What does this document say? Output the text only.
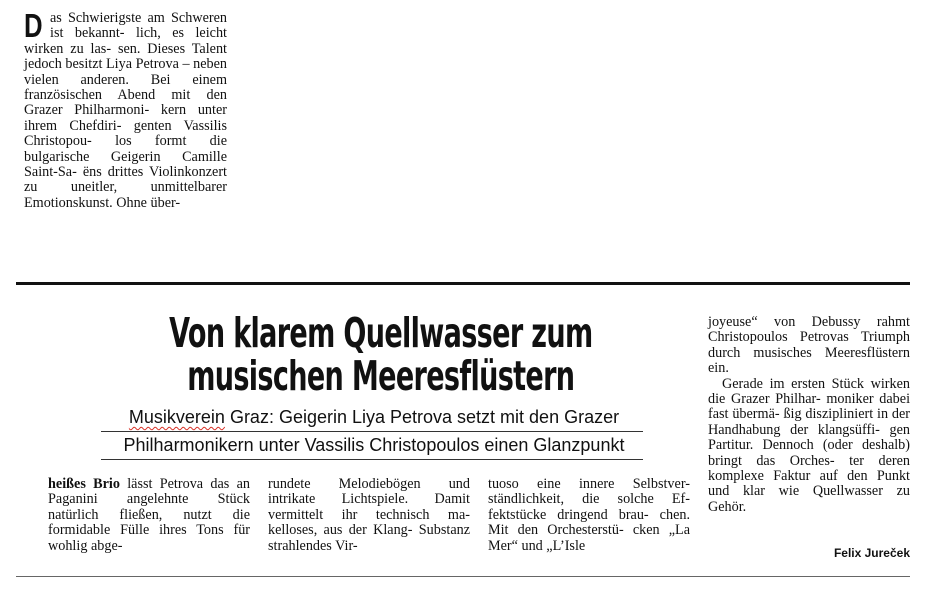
D as Schwierigste am Schweren ist bekannt- lich, es leicht wirken zu las- sen. Dieses Talent jedoch besitzt Liya Petrova – neben vielen anderen. Bei einem französischen Abend mit den Grazer Philharmoni- kern unter ihrem Chefdiri- genten Vassilis Christopou- los formt die bulgarische Geigerin Camille Saint-Sa- ëns drittes Violinkonzert zu uneitler, unmittelbarer Emotionskunst. Ohne über-

Von klarem Quellwasser zum
musischen Meeresflüstern
Musikverein Graz: Geigerin Liya Petrova setzt mit den Grazer
Philharmonikern unter Vassilis Christopoulos einen Glanzpunkt

heißes Brio lässt Petrova das an Paganini angelehnte Stück natürlich fließen, nutzt die formidable Fülle ihres Tons für wohlig abge-

rundete Melodiebögen und intrikate Lichtspiele. Damit vermittelt ihr technisch ma- kelloses, aus der Klang- Substanz strahlendes Vir-

tuoso eine innere Selbstver- ständlichkeit, die solche Ef- fektstücke dringend brau- chen. Mit den Orchesterstü- cken „La Mer“ und „L’Isle

joyeuse“ von Debussy rahmt Christopoulos Petrovas Triumph durch musisches Meeresflüstern ein.

Gerade im ersten Stück wirken die Grazer Philhar- moniker dabei fast übermä- ßig diszipliniert in der Handhabung der klangsüffi- gen Partitur. Dennoch (oder deshalb) bringt das Orches- ter deren komplexe Faktur auf den Punkt und klar wie Quellwasser zu Gehör.

Felix Jureček
